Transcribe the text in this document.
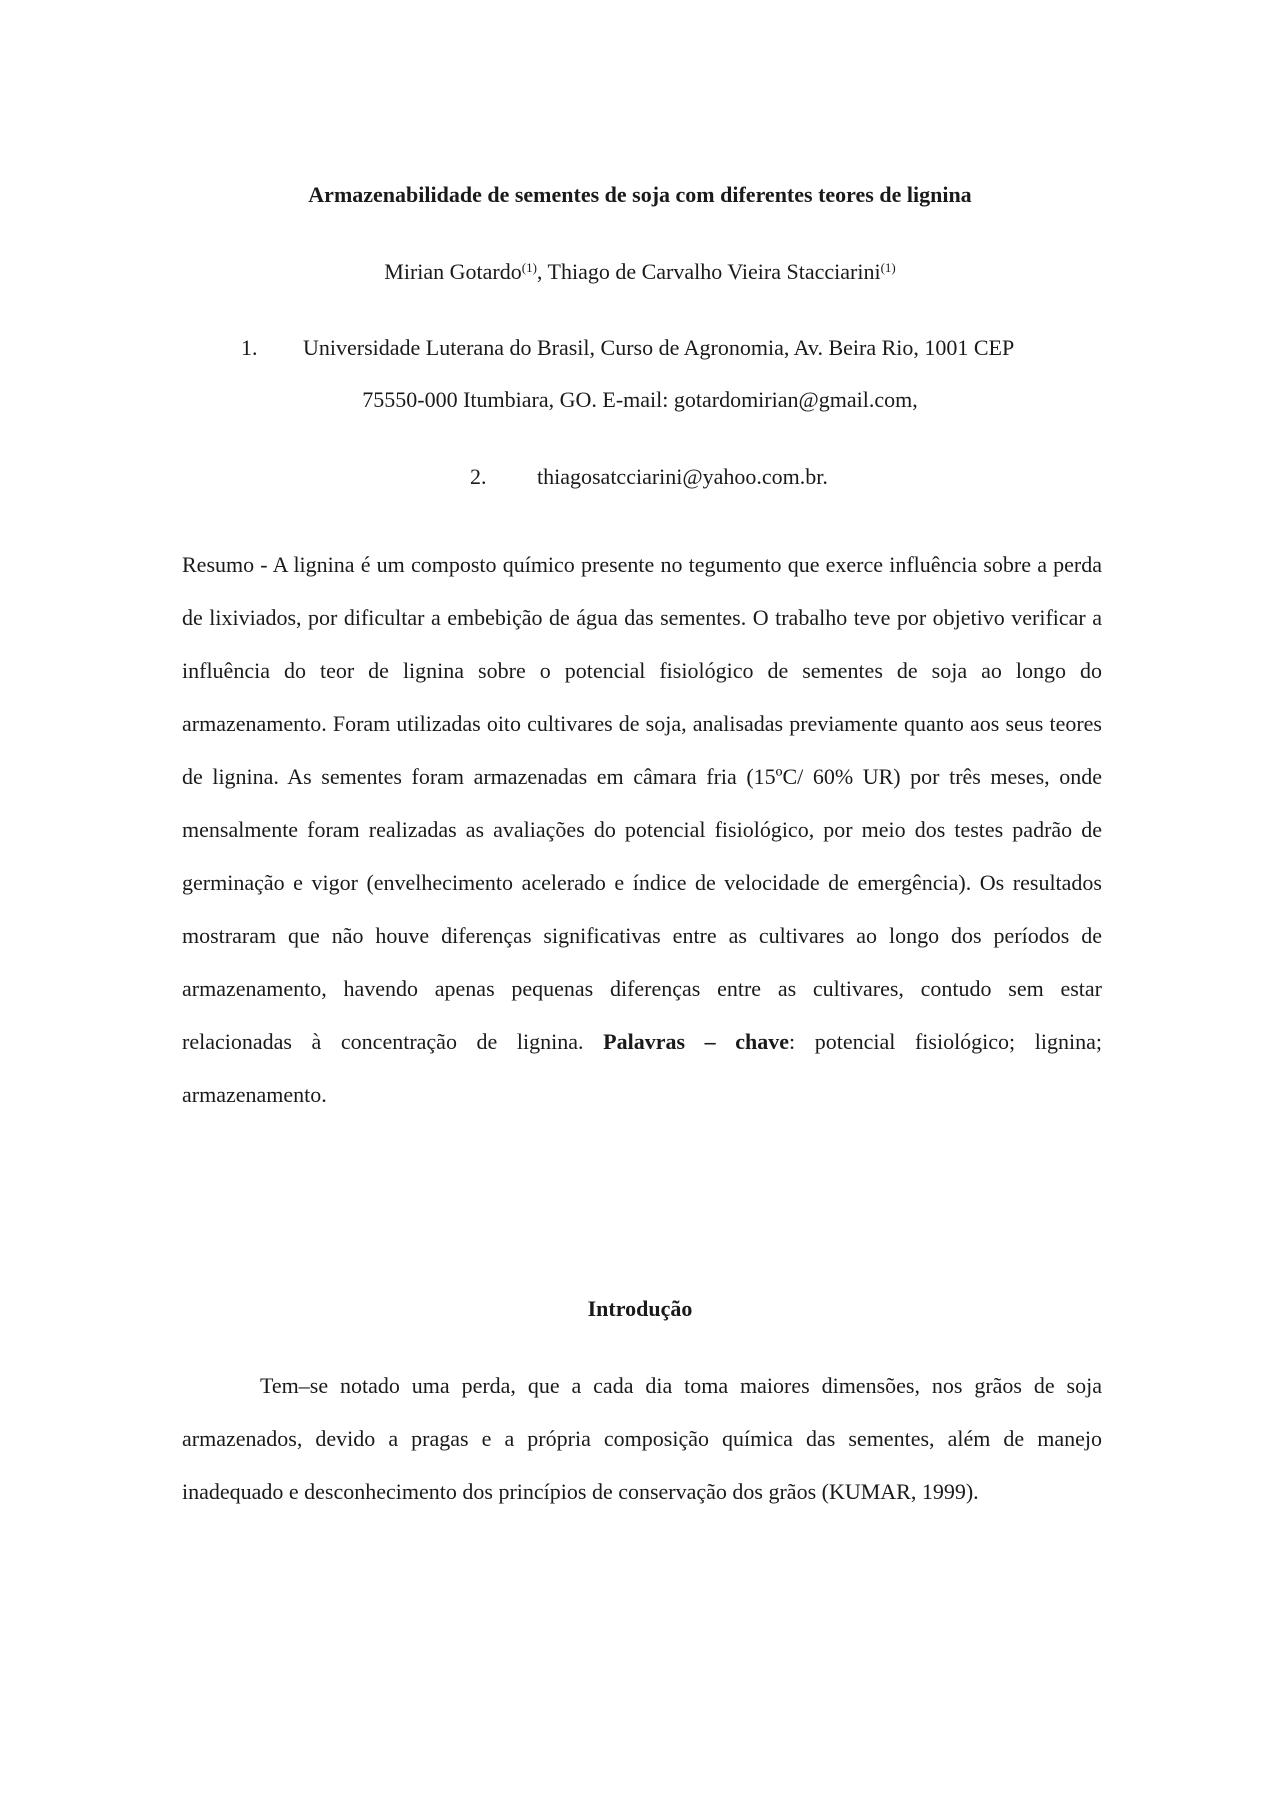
Armazenabilidade de sementes de soja com diferentes teores de lignina
Mirian Gotardo$^{(1)}$, Thiago de Carvalho Vieira Stacciarini$^{(1)}$
1. Universidade Luterana do Brasil, Curso de Agronomia, Av. Beira Rio, 1001 CEP
75550-000 Itumbiara, GO. E-mail: gotardomirian@gmail.com,
2. thiagosatcciarini@yahoo.com.br.

Resumo - A lignina é um composto químico presente no tegumento que exerce influência sobre a perda de lixiviados, por dificultar a embebição de água das sementes. O trabalho teve por objetivo verificar a influência do teor de lignina sobre o potencial fisiológico de sementes de soja ao longo do armazenamento. Foram utilizadas oito cultivares de soja, analisadas previamente quanto aos seus teores de lignina. As sementes foram armazenadas em câmara fria (15ºC/ 60% UR) por três meses, onde mensalmente foram realizadas as avaliações do potencial fisiológico, por meio dos testes padrão de germinação e vigor (envelhecimento acelerado e índice de velocidade de emergência). Os resultados mostraram que não houve diferenças significativas entre as cultivares ao longo dos períodos de armazenamento, havendo apenas pequenas diferenças entre as cultivares, contudo sem estar relacionadas à concentração de lignina. Palavras – chave: potencial fisiológico; lignina; armazenamento.

Introdução

Tem–se notado uma perda, que a cada dia toma maiores dimensões, nos grãos de soja armazenados, devido a pragas e a própria composição química das sementes, além de manejo inadequado e desconhecimento dos princípios de conservação dos grãos (KUMAR, 1999).
